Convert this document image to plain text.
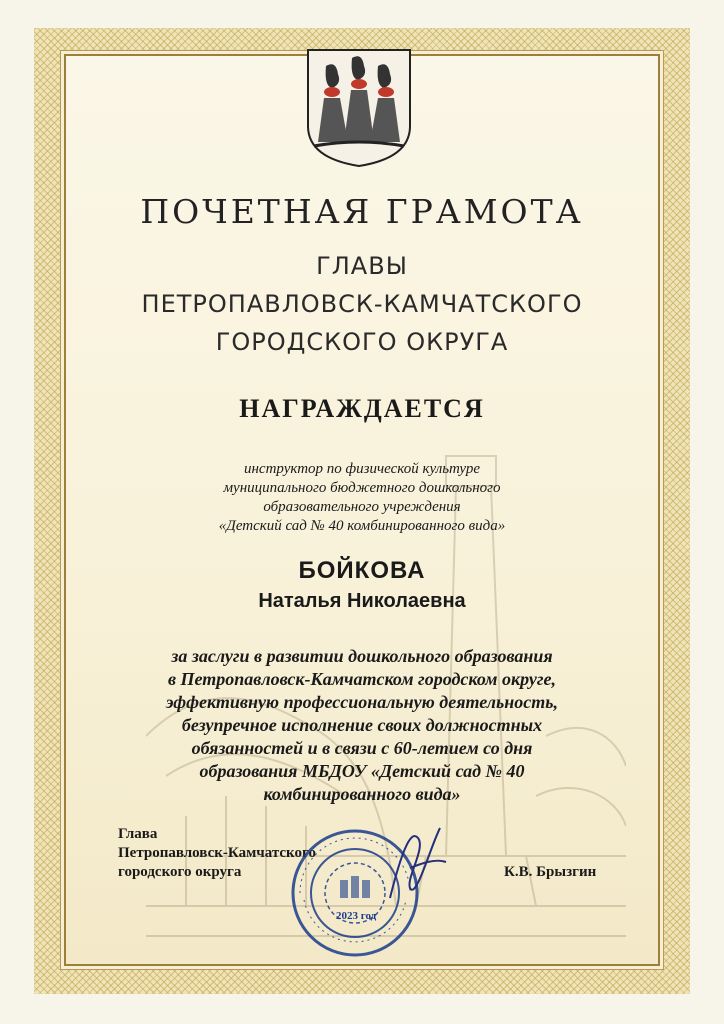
ПОЧЕТНАЯ ГРАМОТА
ГЛАВЫ
ПЕТРОПАВЛОВСК-КАМЧАТСКОГО
ГОРОДСКОГО ОКРУГА
НАГРАЖДАЕТСЯ
инструктор по физической культуре
муниципального бюджетного дошкольного
образовательного учреждения
«Детский сад № 40 комбинированного вида»
БОЙКОВА
Наталья Николаевна
за заслуги в развитии дошкольного образования
в Петропавловск-Камчатском городском округе,
эффективную профессиональную деятельность,
безупречное исполнение своих должностных
обязанностей и в связи с 60-летием со дня
образования МБДОУ «Детский сад № 40
комбинированного вида»
Глава
Петропавловск-Камчатского
городского округа
2023 год
К.В. Брызгин
